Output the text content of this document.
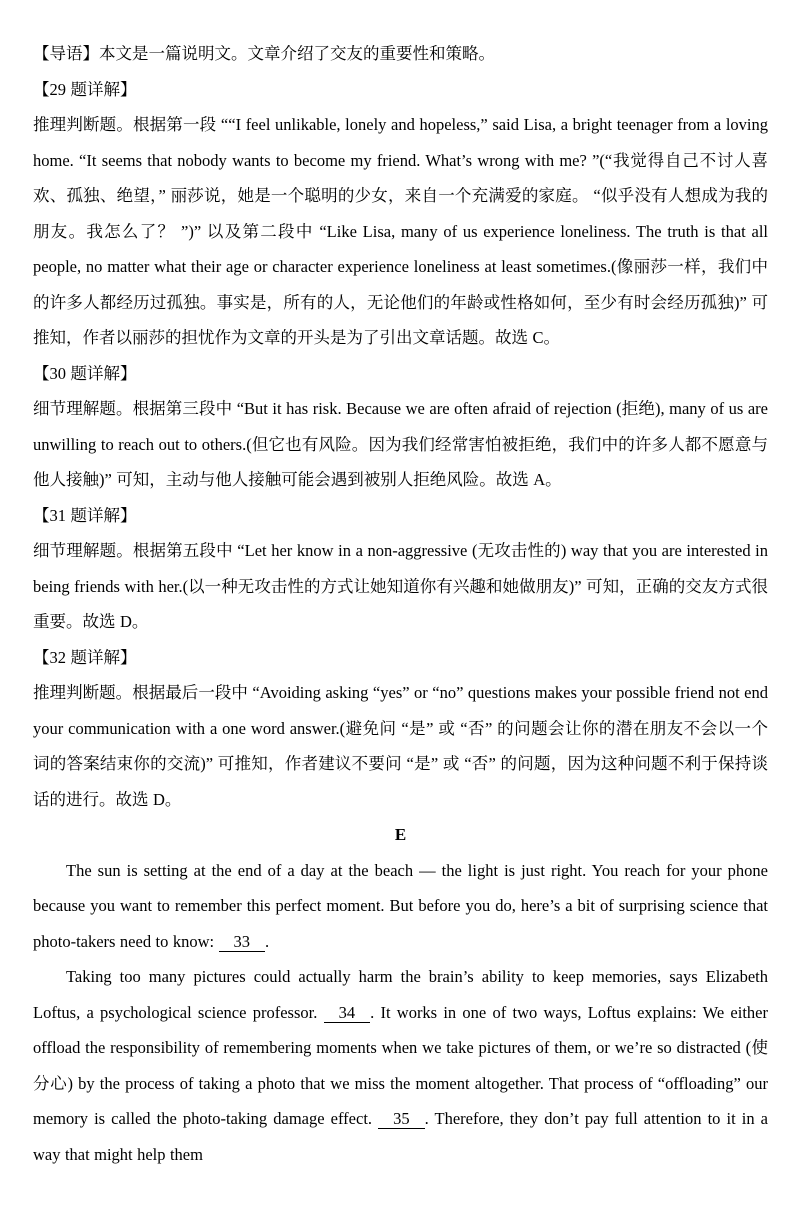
【导语】本文是一篇说明文。文章介绍了交友的重要性和策略。

【29 题详解】

推理判断题。根据第一段 ““I feel unlikable, lonely and hopeless,” said Lisa, a bright teenager from a loving home. “It seems that nobody wants to become my friend. What’s wrong with me? ”(“我觉得自己不讨人喜欢、孤独、绝望，” 丽莎说，她是一个聪明的少女，来自一个充满爱的家庭。 “似乎没有人想成为我的朋友。我怎么了？ ”)” 以及第二段中 “Like Lisa, many of us experience loneliness. The truth is that all people, no matter what their age or character experience loneliness at least sometimes.(像丽莎一样，我们中的许多人都经历过孤独。事实是，所有的人，无论他们的年龄或性格如何，至少有时会经历孤独)” 可推知，作者以丽莎的担忧作为文章的开头是为了引出文章话题。故选 C。

【30 题详解】

细节理解题。根据第三段中 “But it has risk. Because we are often afraid of rejection (拒绝), many of us are unwilling to reach out to others.(但它也有风险。因为我们经常害怕被拒绝，我们中的许多人都不愿意与他人接触)” 可知，主动与他人接触可能会遇到被别人拒绝风险。故选 A。

【31 题详解】

细节理解题。根据第五段中 “Let her know in a non-aggressive (无攻击性的) way that you are interested in being friends with her.(以一种无攻击性的方式让她知道你有兴趣和她做朋友)” 可知，正确的交友方式很重要。故选 D。

【32 题详解】

推理判断题。根据最后一段中 “Avoiding asking “yes” or “no” questions makes your possible friend not end your communication with a one word answer.(避免问 “是” 或 “否” 的问题会让你的潜在朋友不会以一个词的答案结束你的交流)” 可推知，作者建议不要问 “是” 或 “否” 的问题，因为这种问题不利于保持谈话的进行。故选 D。

E

The sun is setting at the end of a day at the beach — the light is just right. You reach for your phone because you want to remember this perfect moment. But before you do, here’s a bit of surprising science that photo-takers need to know: 33 .

Taking too many pictures could actually harm the brain’s ability to keep memories, says Elizabeth Loftus, a psychological science professor. 34 . It works in one of two ways, Loftus explains: We either offload the responsibility of remembering moments when we take pictures of them, or we’re so distracted (使分心) by the process of taking a photo that we miss the moment altogether. That process of “offloading” our memory is called the photo-taking damage effect. 35 . Therefore, they don’t pay full attention to it in a way that might help them
